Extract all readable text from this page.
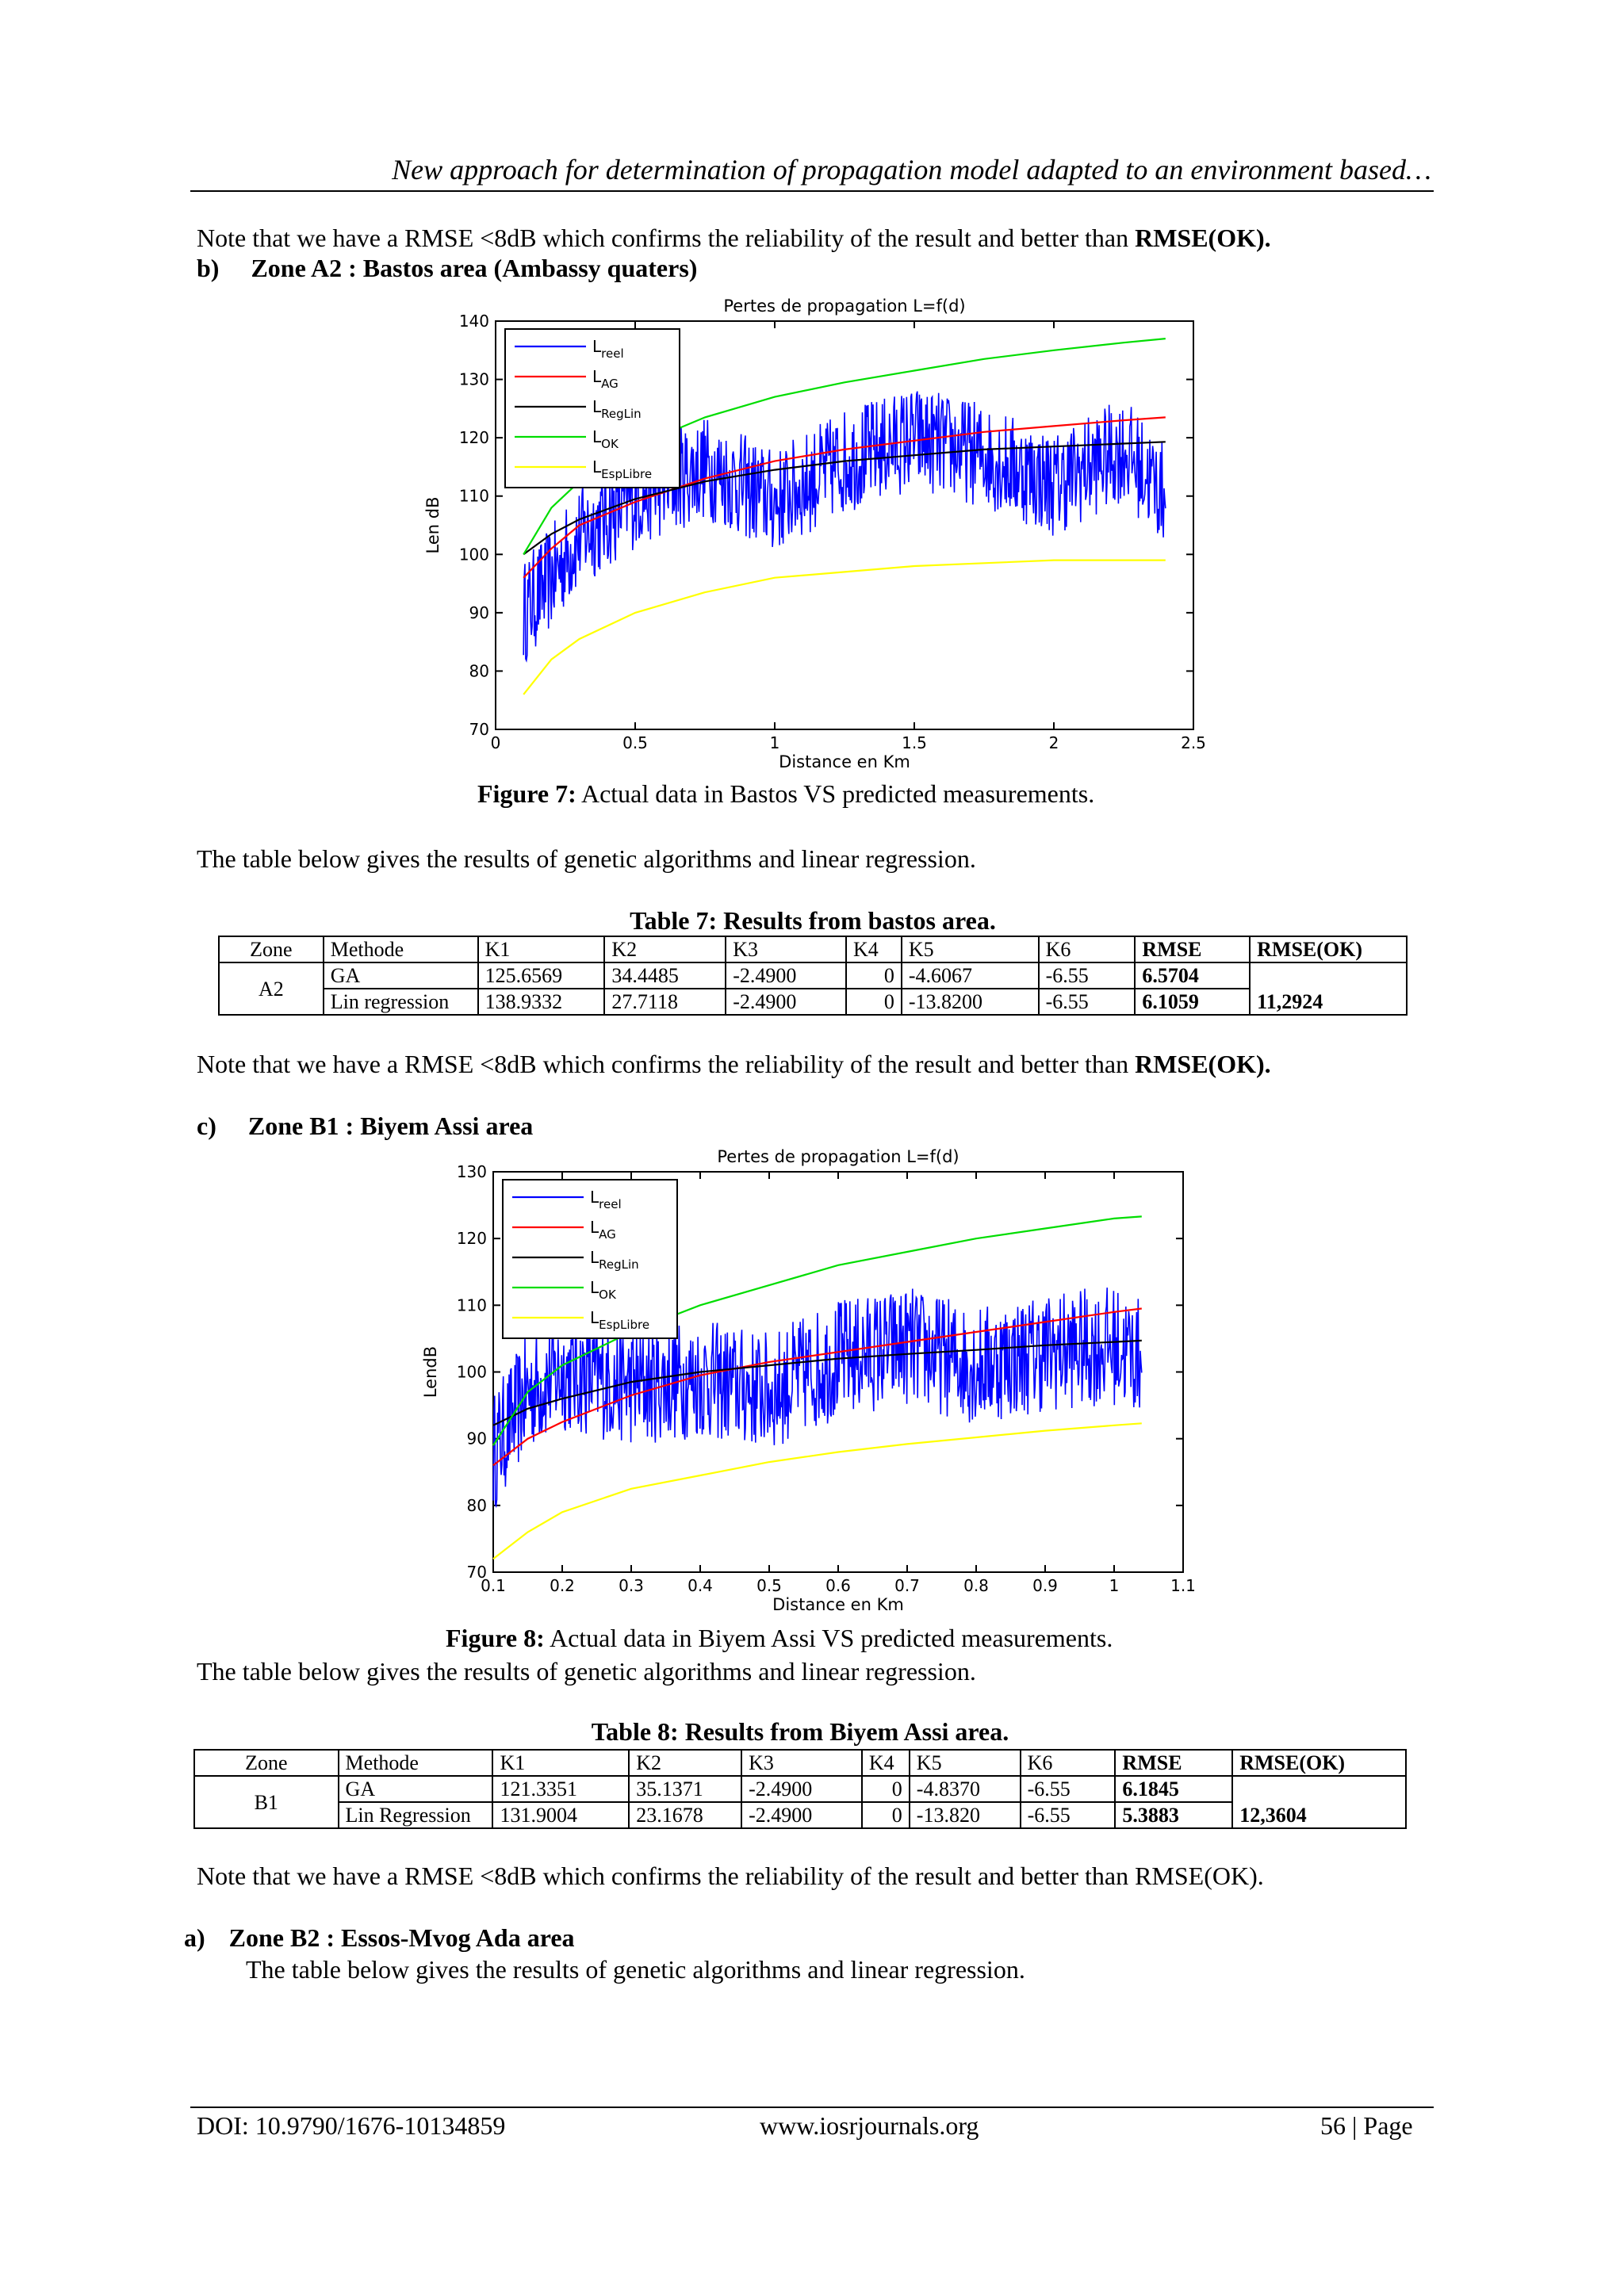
New approach for determination of propagation model adapted to an environment based…
Note that we have a RMSE <8dB which confirms the reliability of the result and better than RMSE(OK).
b) Zone A2 : Bastos area (Ambassy quaters)
Pertes de propagation L=f(d)
70
80
90
100
110
120
130
140
0	0.5	1	1.5	2	2.5
Distance en Km
Len dB
$L_{reel}$
$L_{AG}$
$L_{RegLin}$
$L_{OK}$
$L_{EspLibre}$
Figure 7: Actual data in Bastos VS predicted measurements.
The table below gives the results of genetic algorithms and linear regression.
Table 7: Results from bastos area.
Zone	Methode	K1	K2	K3	K4	K5	K6	RMSE	RMSE(OK)
A2	GA	125.6569	34.4485	-2.4900	0	-4.6067	-6.55	6.5704	11,2924
	Lin regression	138.9332	27.7118	-2.4900	0	-13.8200	-6.55	6.1059	
Note that we have a RMSE <8dB which confirms the reliability of the result and better than RMSE(OK).
c) Zone B1 : Biyem Assi area
Pertes de propagation L=f(d)
70
80
90
100
110
120
130
0.1	0.2	0.3	0.4	0.5	0.6	0.7	0.8	0.9	1	1.1
Distance en Km
LendB
$L_{reel}$
$L_{AG}$
$L_{RegLin}$
$L_{OK}$
$L_{EspLibre}$
Figure 8: Actual data in Biyem Assi VS predicted measurements.
The table below gives the results of genetic algorithms and linear regression.
Table 8: Results from Biyem Assi area.
Zone	Methode	K1	K2	K3	K4	K5	K6	RMSE	RMSE(OK)
B1	GA	121.3351	35.1371	-2.4900	0	-4.8370	-6.55	6.1845	12,3604
	Lin Regression	131.9004	23.1678	-2.4900	0	-13.820	-6.55	5.3883	
Note that we have a RMSE <8dB which confirms the reliability of the result and better than RMSE(OK).
a) Zone B2 : Essos-Mvog Ada area
The table below gives the results of genetic algorithms and linear regression.
DOI: 10.9790/1676-10134859	www.iosrjournals.org	56 | Page
